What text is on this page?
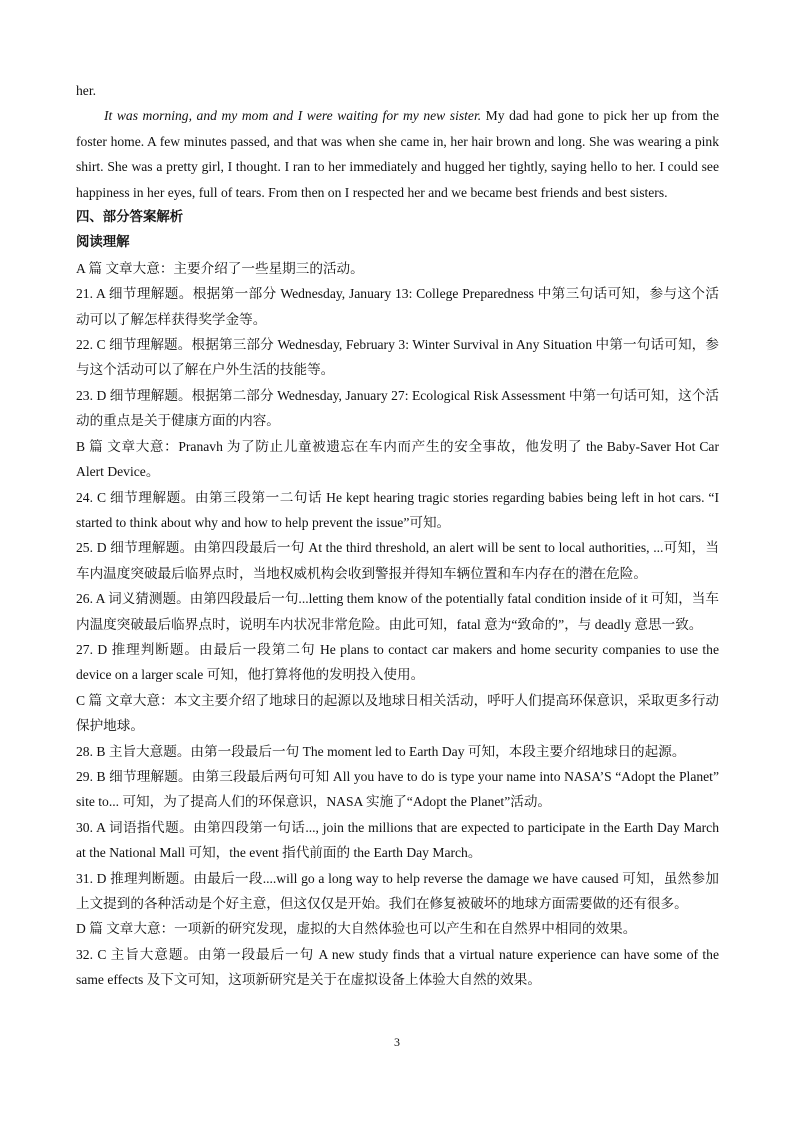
her.

It was morning, and my mom and I were waiting for my new sister. My dad had gone to pick her up from the foster home. A few minutes passed, and that was when she came in, her hair brown and long. She was wearing a pink shirt. She was a pretty girl, I thought. I ran to her immediately and hugged her tightly, saying hello to her. I could see happiness in her eyes, full of tears. From then on I respected her and we became best friends and best sisters.

四、部分答案解析

阅读理解

A 篇 文章大意：主要介绍了一些星期三的活动。

21. A 细节理解题。根据第一部分 Wednesday, January 13: College Preparedness 中第三句话可知，参与这个活动可以了解怎样获得奖学金等。

22. C 细节理解题。根据第三部分 Wednesday, February 3: Winter Survival in Any Situation 中第一句话可知，参与这个活动可以了解在户外生活的技能等。

23. D 细节理解题。根据第二部分 Wednesday, January 27: Ecological Risk Assessment 中第一句话可知，这个活动的重点是关于健康方面的内容。

B 篇 文章大意：Pranavh 为了防止儿童被遗忘在车内而产生的安全事故，他发明了 the Baby-Saver Hot Car Alert Device。

24. C 细节理解题。由第三段第一二句话 He kept hearing tragic stories regarding babies being left in hot cars. “I started to think about why and how to help prevent the issue”可知。

25. D 细节理解题。由第四段最后一句 At the third threshold, an alert will be sent to local authorities, ...可知，当车内温度突破最后临界点时，当地权威机构会收到警报并得知车辆位置和车内存在的潜在危险。

26. A 词义猜测题。由第四段最后一句...letting them know of the potentially fatal condition inside of it 可知，当车内温度突破最后临界点时，说明车内状况非常危险。由此可知，fatal 意为“致命的”，与 deadly 意思一致。

27. D 推理判断题。由最后一段第二句 He plans to contact car makers and home security companies to use the device on a larger scale 可知，他打算将他的发明投入使用。

C 篇 文章大意：本文主要介绍了地球日的起源以及地球日相关活动，呼吁人们提高环保意识，采取更多行动保护地球。

28. B 主旨大意题。由第一段最后一句 The moment led to Earth Day 可知，本段主要介绍地球日的起源。

29. B 细节理解题。由第三段最后两句可知 All you have to do is type your name into NASA’S “Adopt the Planet” site to... 可知，为了提高人们的环保意识，NASA 实施了“Adopt the Planet”活动。

30. A 词语指代题。由第四段第一句话..., join the millions that are expected to participate in the Earth Day March at the National Mall 可知，the event 指代前面的 the Earth Day March。

31. D 推理判断题。由最后一段....will go a long way to help reverse the damage we have caused 可知，虽然参加上文提到的各种活动是个好主意，但这仅仅是开始。我们在修复被破坏的地球方面需要做的还有很多。

D 篇 文章大意：一项新的研究发现，虚拟的大自然体验也可以产生和在自然界中相同的效果。

32. C 主旨大意题。由第一段最后一句 A new study finds that a virtual nature experience can have some of the same effects 及下文可知，这项新研究是关于在虚拟设备上体验大自然的效果。

3
